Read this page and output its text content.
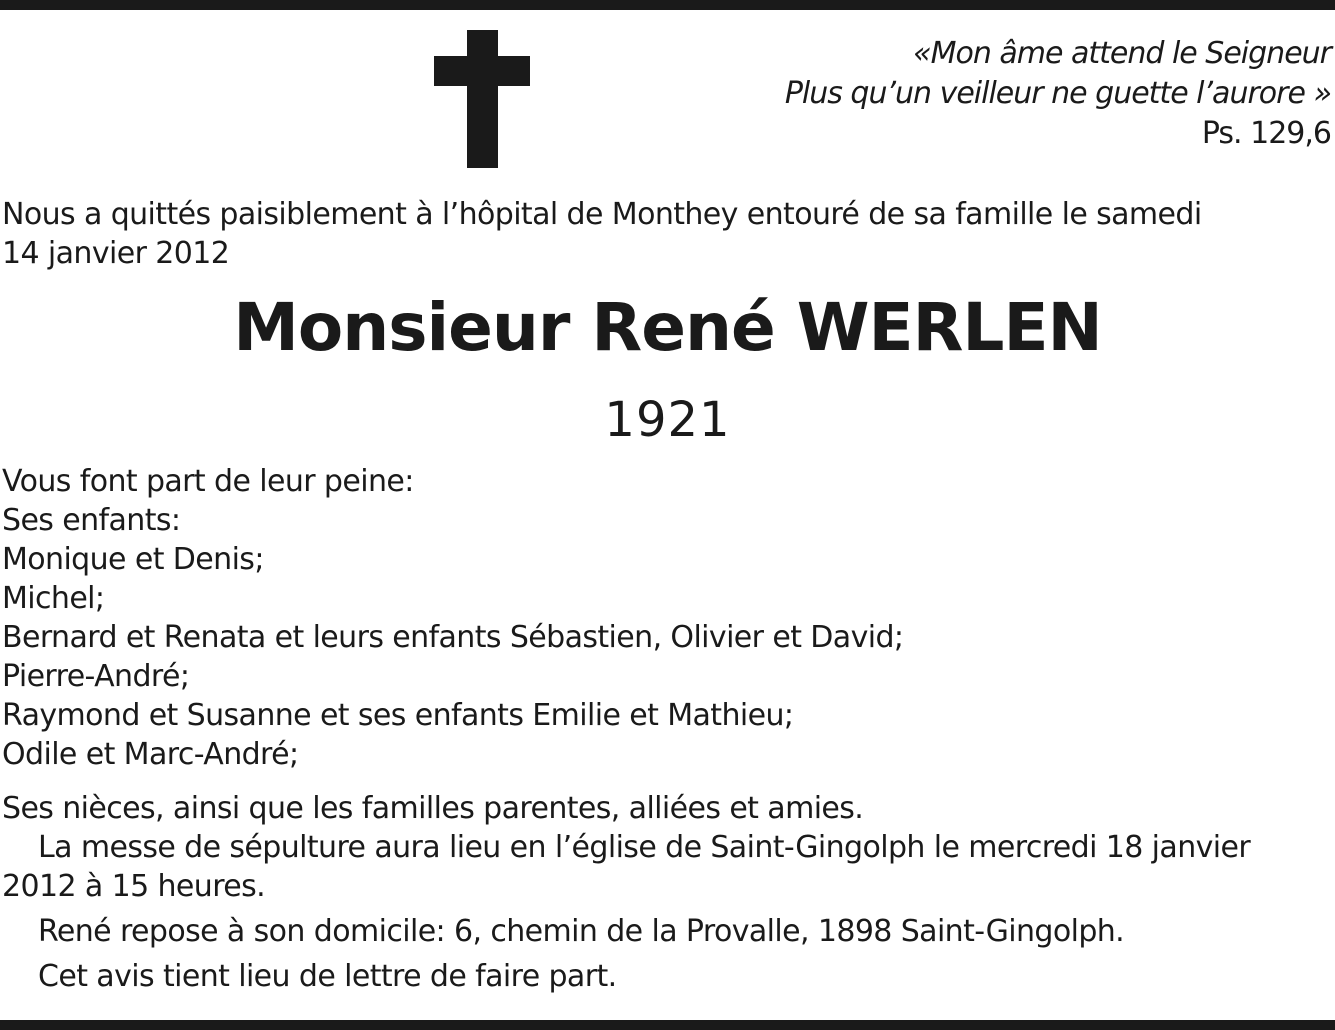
«Mon âme attend le Seigneur
Plus qu’un veilleur ne guette l’aurore »
Ps. 129,6
Nous a quittés paisiblement à l’hôpital de Monthey entouré de sa famille le samedi
14 janvier 2012
Monsieur René WERLEN
1921
Vous font part de leur peine:
Ses enfants:
Monique et Denis;
Michel;
Bernard et Renata et leurs enfants Sébastien, Olivier et David;
Pierre-André;
Raymond et Susanne et ses enfants Emilie et Mathieu;
Odile et Marc-André;
Ses nièces, ainsi que les familles parentes, alliées et amies.
La messe de sépulture aura lieu en l’église de Saint-Gingolph le mercredi 18 janvier
2012 à 15 heures.
René repose à son domicile: 6, chemin de la Provalle, 1898 Saint-Gingolph.
Cet avis tient lieu de lettre de faire part.
